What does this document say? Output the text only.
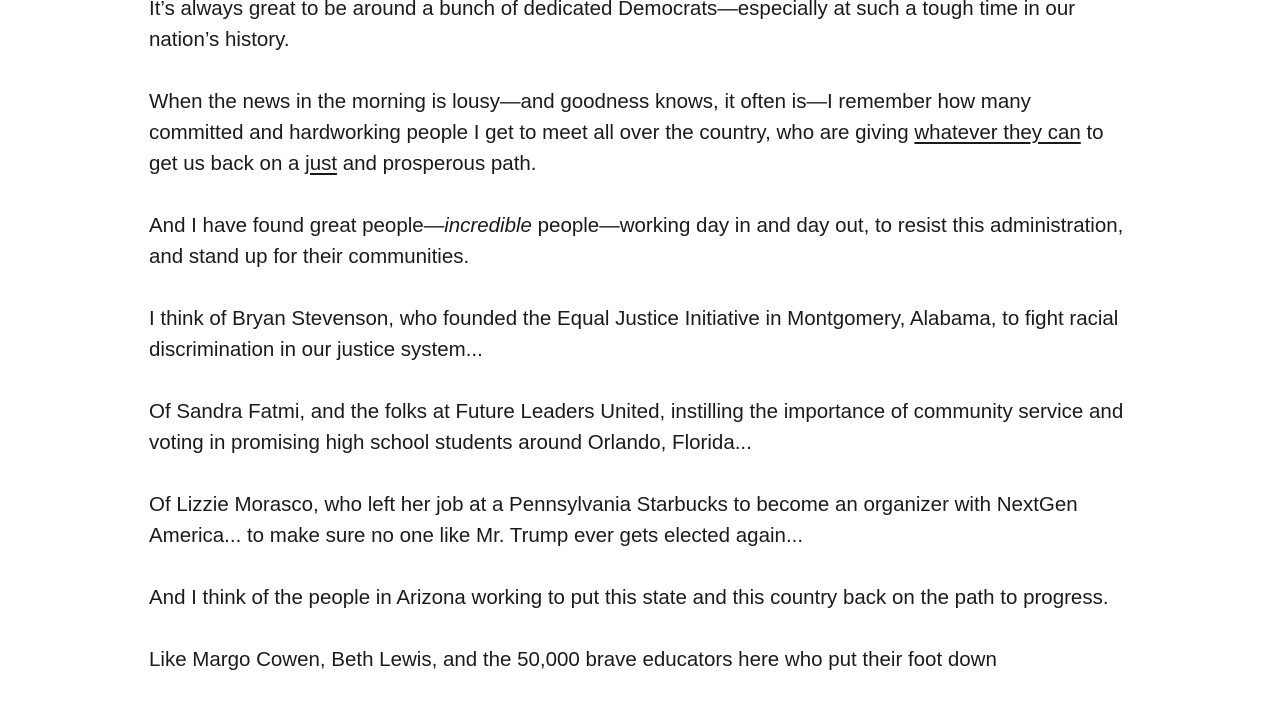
It’s always great to be around a bunch of dedicated Democrats—especially at such a tough time in our nation’s history.

When the news in the morning is lousy—and goodness knows, it often is—I remember how many committed and hardworking people I get to meet all over the country, who are giving whatever they can to get us back on a just and prosperous path.

And I have found great people—incredible people—working day in and day out, to resist this administration, and stand up for their communities.

I think of Bryan Stevenson, who founded the Equal Justice Initiative in Montgomery, Alabama, to fight racial discrimination in our justice system...

Of Sandra Fatmi, and the folks at Future Leaders United, instilling the importance of community service and voting in promising high school students around Orlando, Florida...

Of Lizzie Morasco, who left her job at a Pennsylvania Starbucks to become an organizer with NextGen America... to make sure no one like Mr. Trump ever gets elected again...

And I think of the people in Arizona working to put this state and this country back on the path to progress.

Like Margo Cowen, Beth Lewis, and the 50,000 brave educators here who put their foot down
